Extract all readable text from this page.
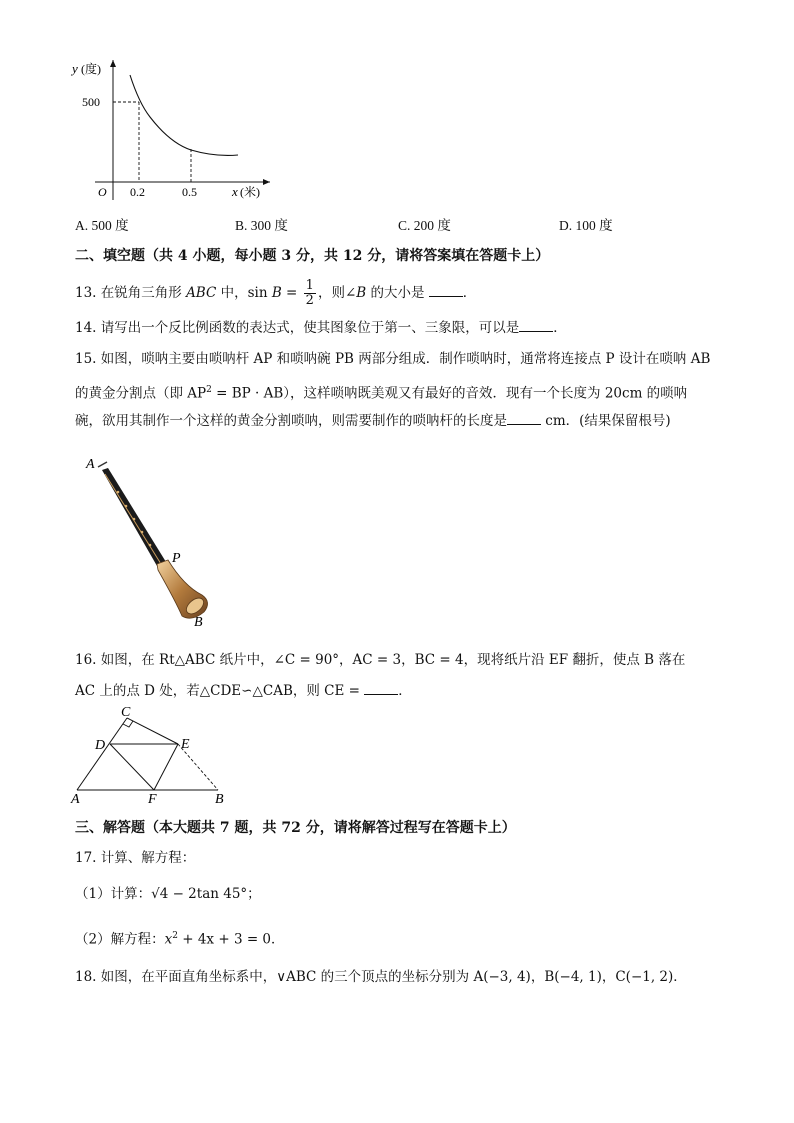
y (度)
500
O 0.2	0.5	x (米)
A. 500 度	B. 300 度	C. 200 度	D. 100 度
二、填空题（共 4 小题，每小题 3 分，共 12 分，请将答案填在答题卡上）
13. 在锐角三角形 ABC 中，$\sin B = \frac{1}{2}$ ，则∠B 的大小是	．
14. 请写出一个反比例函数的表达式，使其图象位于第一、三象限，可以是	．
15. 如图，唢呐主要由唢呐杆 AP 和唢呐碗 PB 两部分组成．制作唢呐时，通常将连接点 P 设计在唢呐 AB
的黄金分割点（即 $AP^2$ = BP · AB），这样唢呐既美观又有最好的音效．现有一个长度为 20cm 的唢呐
碗，欲用其制作一个这样的黄金分割唢呐，则需要制作的唢呐杆的长度是	cm．(结果保留根号)
A
P
B
16. 如图，在 Rt△ABC 纸片中，∠C = 90°，AC = 3，BC = 4，现将纸片沿 EF 翻折，使点 B 落在
AC 上的点 D 处，若△CDE∽△CAB，则 CE =	．
C
D	E
A	F	B
三、解答题（本大题共 7 题，共 72 分，请将解答过程写在答题卡上）
17. 计算、解方程：
（1）计算：√4 − 2tan 45°；
（2）解方程：$x^2 + 4x + 3 = 0$．
18. 如图，在平面直角坐标系中，∨ABC 的三个顶点的坐标分别为 A(−3, 4)，B(−4, 1)，C(−1, 2)．
